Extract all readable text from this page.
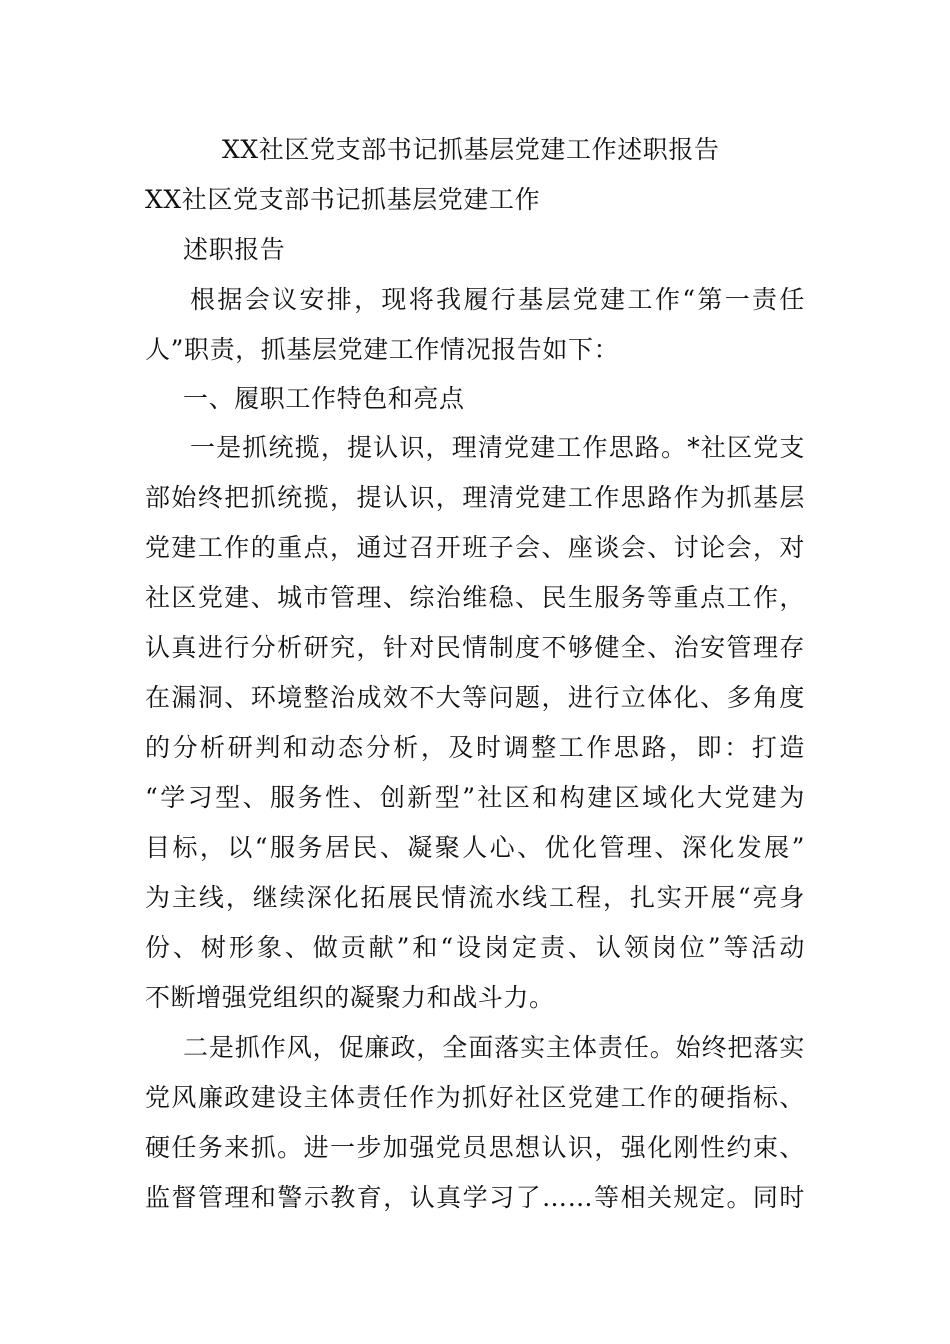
XX社区党支部书记抓基层党建工作述职报告
XX社区党支部书记抓基层党建工作
述职报告
根据会议安排，现将我履行基层党建工作“第一责任
人”职责，抓基层党建工作情况报告如下：
一、履职工作特色和亮点
一是抓统揽，提认识，理清党建工作思路。*社区党支
部始终把抓统揽，提认识，理清党建工作思路作为抓基层
党建工作的重点，通过召开班子会、座谈会、讨论会，对
社区党建、城市管理、综治维稳、民生服务等重点工作，
认真进行分析研究，针对民情制度不够健全、治安管理存
在漏洞、环境整治成效不大等问题，进行立体化、多角度
的分析研判和动态分析，及时调整工作思路，即：打造
“学习型、服务性、创新型”社区和构建区域化大党建为
目标，以“服务居民、凝聚人心、优化管理、深化发展”
为主线，继续深化拓展民情流水线工程，扎实开展“亮身
份、树形象、做贡献”和“设岗定责、认领岗位”等活动
不断增强党组织的凝聚力和战斗力。
二是抓作风，促廉政，全面落实主体责任。始终把落实
党风廉政建设主体责任作为抓好社区党建工作的硬指标、
硬任务来抓。进一步加强党员思想认识，强化刚性约束、
监督管理和警示教育，认真学习了……等相关规定。同时
